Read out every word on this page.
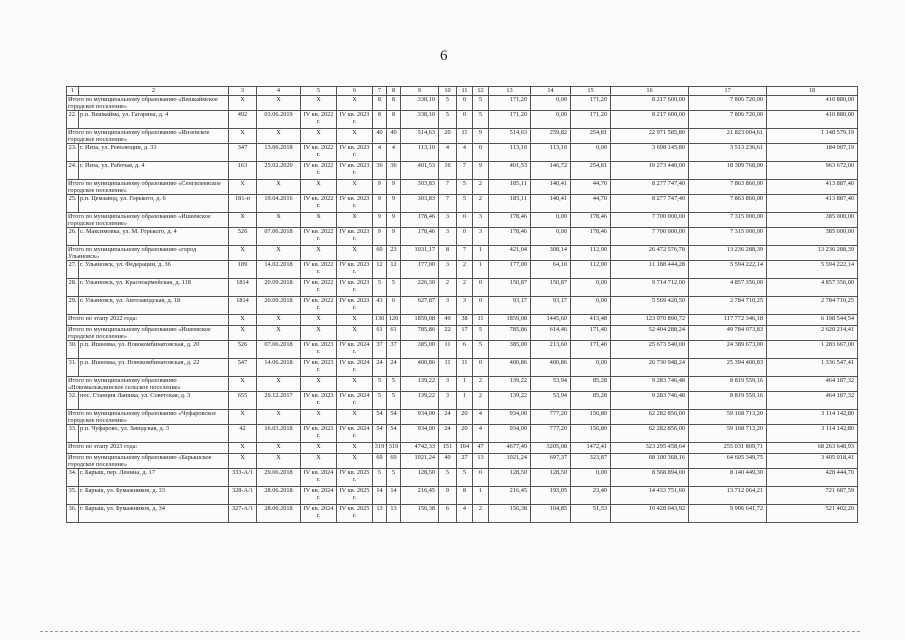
6
1	2	3	4	5	6	7	8	9	10	11	12	13	14	15	16	17	18
Итого по муниципальному образованию «Вешкаймское городское поселение»		X	X	X	X	8	8	338,10	5	0	5	171,20	0,00	171,20	8 217 600,00	7 806 720,00	410 880,00
22.	р.п. Вешкайма, ул. Гагарина, д. 4	492	03.06.2019	IV кв. 2022 г.	IV кв. 2023 г.	8	8	338,10	5	0	5	171,20	0,00	171,20	8 217 600,00	7 806 720,00	410 880,00
Итого по муниципальному образованию «Инзенское городское поселение»		X	X	X	X	40	40	514,63	20	11	9	514,63	259,82	254,81	22 971 585,80	21 823 004,61	1 148 579,19
23.	г. Инза, ул. Революции, д. 33	347	13.06.2018	IV кв. 2022 г.	IV кв. 2023 г.	4	4	113,10	4	4	0	113,10	113,10	0,00	3 698 145,80	3 513 236,61	184 907,19
24.	г. Инза, ул. Рабочая, д. 4	163	25.02.2020	IV кв. 2022 г.	IV кв. 2023 г.	36	36	401,53	16	7	9	401,53	146,72	254,81	19 273 440,00	18 309 768,00	963 672,00
Итого по муниципальному образованию «Сенгилеевское городское поселение»		X	X	X	X	9	9	303,83	7	5	2	185,11	140,41	44,70	8 277 747,40	7 863 860,00	413 887,40
25.	р.п. Цемзавод, ул. Горького, д. 6	181-п	19.04.2016	IV кв. 2022 г.	IV кв. 2023 г.	9	9	303,83	7	5	2	185,11	140,41	44,70	8 277 747,40	7 863 860,00	413 887,40
Итого по муниципальному образованию «Ишеевское городское поселение»		X	X	X	X	9	9	178,46	3	0	3	178,46	0,00	178,46	7 700 000,00	7 315 000,00	385 000,00
26.	с. Максимовка, ул. М. Горького, д. 4	526	07.06.2018	IV кв. 2022 г.	IV кв. 2023 г.	9	9	178,46	3	0	3	178,46	0,00	178,46	7 700 000,00	7 315 000,00	385 000,00
Итого по муниципальному образованию «город Ульяновск»		X	X	X	X	60	23	1031,17	8	7	1	421,04	308,14	112,90	26 472 576,78	13 236 288,39	13 236 288,39
27.	г. Ульяновск, ул. Федерации, д. 36	189	14.02.2018	IV кв. 2022 г.	IV кв. 2023 г.	12	12	177,00	3	2	1	177,00	64,10	112,90	11 188 444,28	5 594 222,14	5 594 222,14
28.	г. Ульяновск, ул. Красноармейская, д. 118	1814	20.09.2018	IV кв. 2022 г.	IV кв. 2023 г.	5	5	226,30	2	2	0	150,87	150,87	0,00	9 714 712,00	4 857 356,00	4 857 356,00
29.	г. Ульяновск, ул. Автозаводская, д. 18	1814	20.09.2018	IV кв. 2022 г.	IV кв. 2023 г.	43	6	627,87	3	3	0	93,17	93,17	0,00	5 569 420,50	2 784 710,25	2 784 710,25
Итого по этапу 2022 года:		X	X	X	X	130	120	1859,08	49	38	11	1859,08	1445,60	413,48	123 970 890,72	117 772 346,18	6 198 544,54
Итого по муниципальному образованию «Ишеевское городское поселение»		X	X	X	X	61	61	785,86	22	17	5	785,86	614,46	171,40	52 404 288,24	49 784 073,83	2 620 214,41
30.	р.п. Ишеевка, ул. Новокомбинатовская, д. 20	526	07.06.2018	IV кв. 2023 г.	IV кв. 2024 г.	37	37	385,00	11	6	5	385,00	213,60	171,40	25 673 540,00	24 389 673,00	1 283 667,00
31.	р.п. Ишеевка, ул. Новокомбинатовская, д. 22	547	14.06.2018	IV кв. 2023 г.	IV кв. 2024 г.	24	24	400,86	11	11	0	400,86	400,86	0,00	26 730 948,24	25 394 400,83	1 336 547,41
Итого по муниципальному образованию «Новомалыклинское сельское поселение»		X	X	X	X	5	5	139,22	3	1	2	139,22	53,94	85,28	9 283 746,48	8 819 559,16	464 187,32
32.	пос. Станция Лаишка, ул. Советская, д. 3	655	29.12.2017	IV кв. 2023 г.	IV кв. 2024 г.	5	5	139,22	3	1	2	139,22	53,94	85,28	9 283 746,48	8 819 559,16	464 187,32
Итого по муниципальному образованию «Чуфаровское городское поселение»		X	X	X	X	54	54	934,00	24	20	4	934,00	777,20	156,80	62 282 856,00	59 168 713,20	3 114 142,80
33.	р.п. Чуфарово, ул. Заводская, д. 3	42	16.03.2018	IV кв. 2023 г.	IV кв. 2024 г.	54	54	934,00	24	20	4	934,00	777,20	156,80	62 282 856,00	59 168 713,20	3 114 142,80
Итого по этапу 2023 года:		X	X	X	X	319	319	4742,33	151	104	47	4677,49	3205,08	1472,41	323 295 458,64	255 031 809,71	68 263 648,93
Итого по муниципальному образованию «Барышское городское поселение»		X	X	X	X	69	69	1021,24	40	27	13	1021,24	697,37	323,87	68 100 368,16	64 695 349,75	3 405 018,41
34.	г. Барыш, пер. Ленина, д. 17	333-А/1	29.06.2018	IV кв. 2024 г.	IV кв. 2025 г.	5	5	128,50	5	5	0	128,50	128,50	0,00	8 568 894,00	8 140 449,30	428 444,70
35.	г. Барыш, ул. Бумажников, д. 33	328-А/1	28.06.2018	IV кв. 2024 г.	IV кв. 2025 г.	14	14	216,45	9	8	1	216,45	193,05	23,40	14 433 751,60	13 712 064,21	721 687,59
36.	г. Барыш, ул. Бумажников, д. 34	327-А/1	28.06.2018	IV кв. 2024 г.	IV кв. 2025 г.	13	13	156,38	6	4	2	156,38	104,85	51,53	10 428 043,92	9 906 641,72	521 402,20
